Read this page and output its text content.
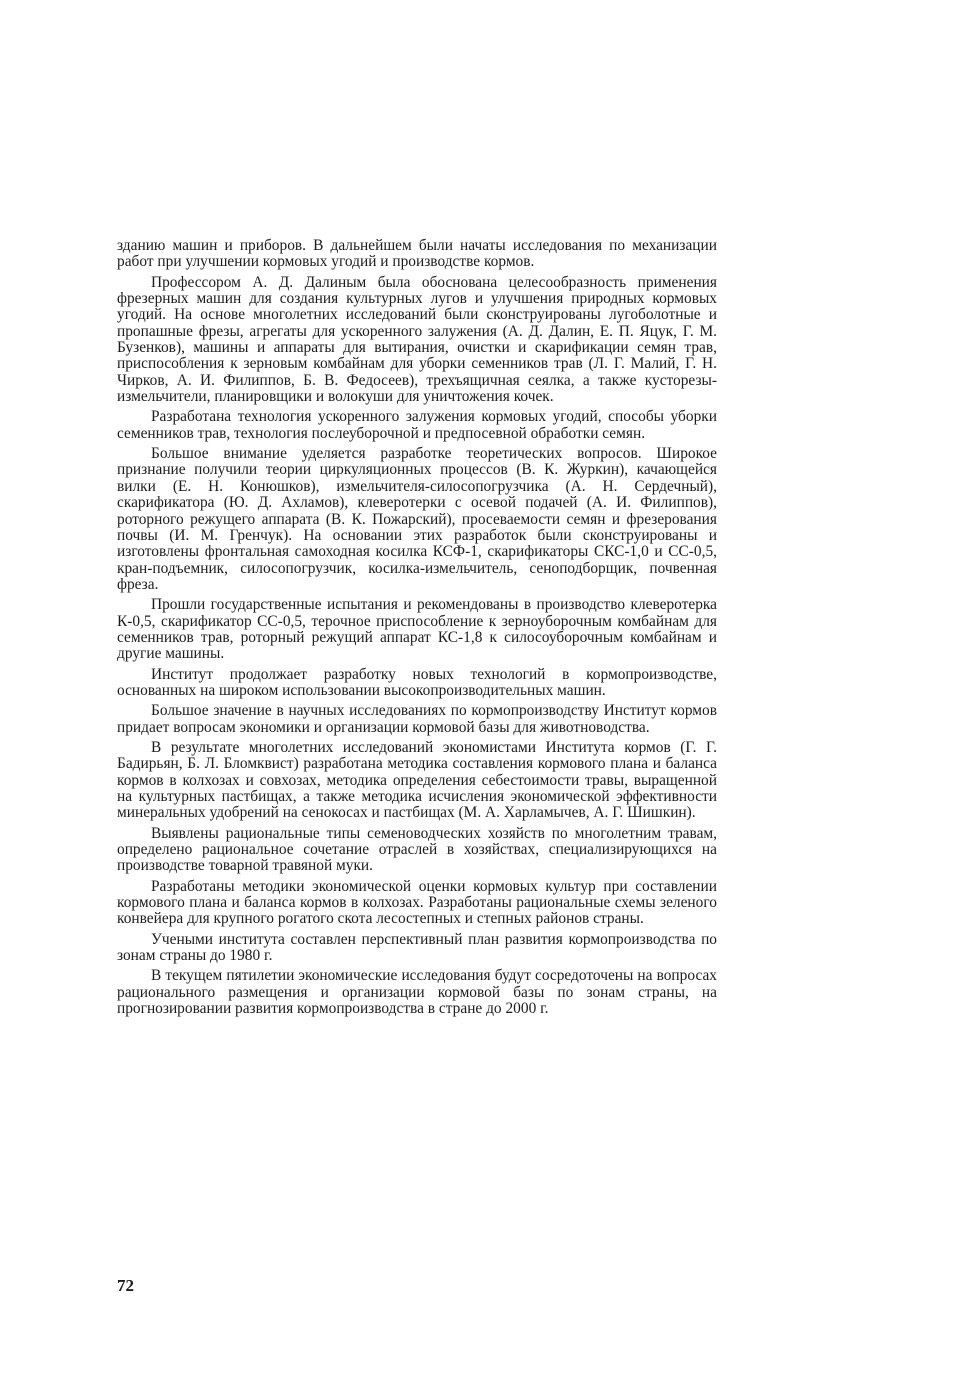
зданию машин и приборов. В дальнейшем были начаты исследования по механизации работ при улучшении кормовых угодий и производстве кормов.

Профессором А. Д. Далиным была обоснована целесообразность применения фрезерных машин для создания культурных лугов и улучшения природных кормовых угодий. На основе многолетних исследований были сконструированы лугоболотные и пропашные фрезы, агрегаты для ускоренного залужения (А. Д. Далин, Е. П. Яцук, Г. М. Бузенков), машины и аппараты для вытирания, очистки и скарификации семян трав, приспособления к зерновым комбайнам для уборки семенников трав (Л. Г. Малий, Г. Н. Чирков, А. И. Филиппов, Б. В. Федосеев), трехъящичная сеялка, а также кусторезы-измельчители, планировщики и волокуши для уничтожения кочек.

Разработана технология ускоренного залужения кормовых угодий, способы уборки семенников трав, технология послеуборочной и предпосевной обработки семян.

Большое внимание уделяется разработке теоретических вопросов. Широкое признание получили теории циркуляционных процессов (В. К. Журкин), качающейся вилки (Е. Н. Конюшков), измельчителя-силосопогрузчика (А. Н. Сердечный), скарификатора (Ю. Д. Ахламов), клеверотерки с осевой подачей (А. И. Филиппов), роторного режущего аппарата (В. К. Пожарский), просеваемости семян и фрезерования почвы (И. М. Гренчук). На основании этих разработок были сконструированы и изготовлены фронтальная самоходная косилка КСФ-1, скарификаторы СКС-1,0 и СС-0,5, кран-подъемник, силосопогрузчик, косилка-измельчитель, сеноподборщик, почвенная фреза.

Прошли государственные испытания и рекомендованы в производство клеверотерка К-0,5, скарификатор СС-0,5, терочное приспособление к зерноуборочным комбайнам для семенников трав, роторный режущий аппарат КС-1,8 к силосоуборочным комбайнам и другие машины.

Институт продолжает разработку новых технологий в кормопроизводстве, основанных на широком использовании высокопроизводительных машин.

Большое значение в научных исследованиях по кормопроизводству Институт кормов придает вопросам экономики и организации кормовой базы для животноводства.

В результате многолетних исследований экономистами Института кормов (Г. Г. Бадирьян, Б. Л. Бломквист) разработана методика составления кормового плана и баланса кормов в колхозах и совхозах, методика определения себестоимости травы, выращенной на культурных пастбищах, а также методика исчисления экономической эффективности минеральных удобрений на сенокосах и пастбищах (М. А. Харламычев, А. Г. Шишкин).

Выявлены рациональные типы семеноводческих хозяйств по многолетним травам, определено рациональное сочетание отраслей в хозяйствах, специализирующихся на производстве товарной травяной муки.

Разработаны методики экономической оценки кормовых культур при составлении кормового плана и баланса кормов в колхозах. Разработаны рациональные схемы зеленого конвейера для крупного рогатого скота лесостепных и степных районов страны.

Учеными института составлен перспективный план развития кормопроизводства по зонам страны до 1980 г.

В текущем пятилетии экономические исследования будут сосредоточены на вопросах рационального размещения и организации кормовой базы по зонам страны, на прогнозировании развития кормопроизводства в стране до 2000 г.

72
